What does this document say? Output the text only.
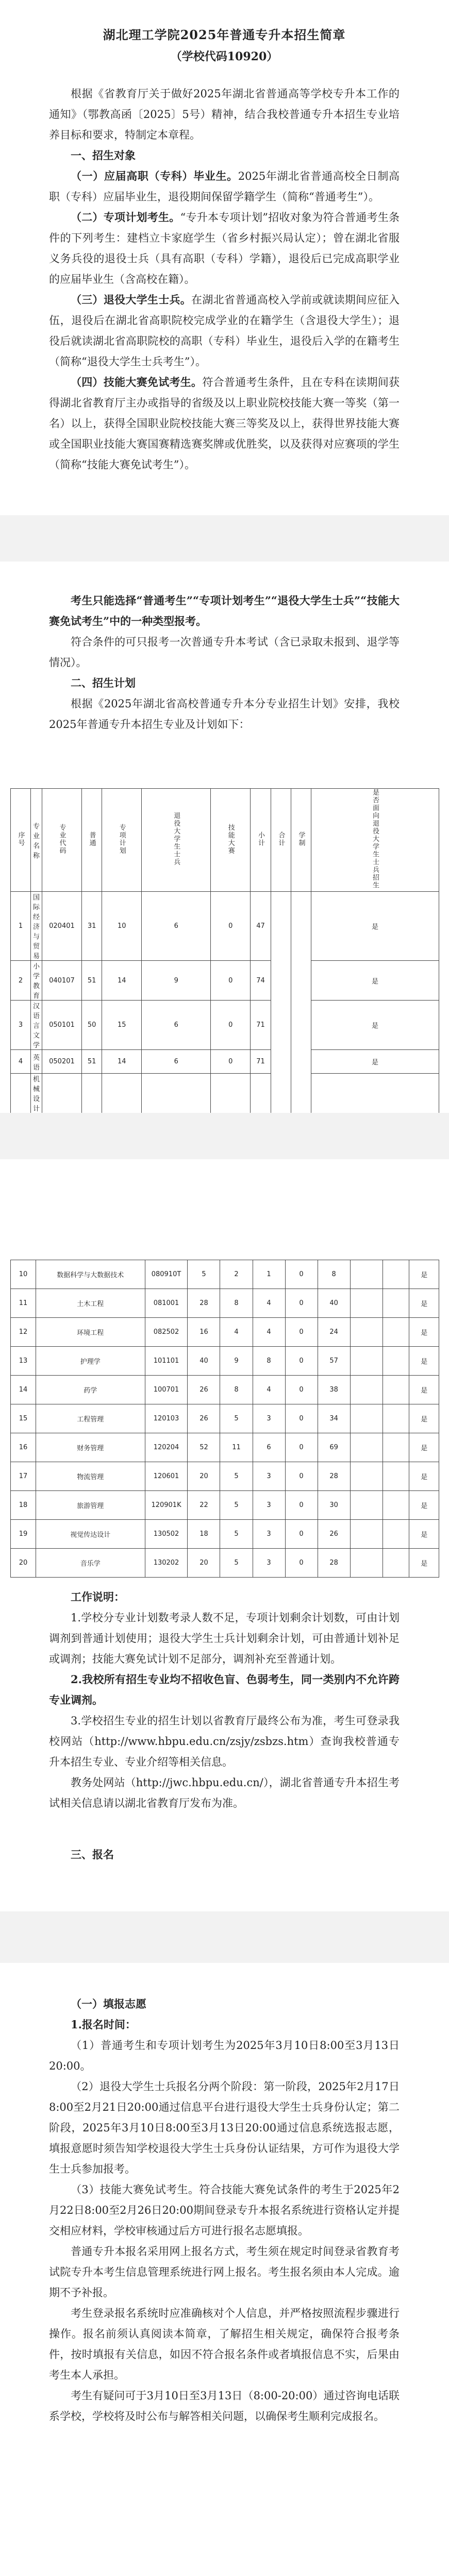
湖北理工学院2025年普通专升本招生简章
（学校代码10920）

根据《省教育厅关于做好2025年湖北省普通高等学校专升本工作的通知》（鄂教高函〔2025〕5号）精神，结合我校普通专升本招生专业培养目标和要求，特制定本章程。

一、招生对象

（一）应届高职（专科）毕业生。2025年湖北省普通高校全日制高职（专科）应届毕业生，退役期间保留学籍学生（简称“普通考生”）。

（二）专项计划考生。“专升本专项计划”招收对象为符合普通考生条件的下列考生：建档立卡家庭学生（省乡村振兴局认定）；曾在湖北省服义务兵役的退役士兵（具有高职（专科）学籍），退役后已完成高职学业的应届毕业生（含高校在籍）。

（三）退役大学生士兵。在湖北省普通高校入学前或就读期间应征入伍，退役后在湖北省高职院校完成学业的在籍学生（含退役大学生）；退役后就读湖北省高职院校的高职（专科）毕业生，退役后入学的在籍考生（简称“退役大学生士兵考生”）。

（四）技能大赛免试考生。符合普通考生条件，且在专科在读期间获得湖北省教育厅主办或指导的省级及以上职业院校技能大赛一等奖（第一名）以上，获得全国职业院校技能大赛三等奖及以上，获得世界技能大赛或全国职业技能大赛国赛精选赛奖牌或优胜奖，以及获得对应赛项的学生（简称“技能大赛免试考生”）。

考生只能选择“普通考生”“专项计划考生”“退役大学生士兵”“技能大赛免试考生”中的一种类型报考。

符合条件的可只报考一次普通专升本考试（含已录取未报到、退学等情况）。

二、招生计划

根据《2025年湖北省高校普通专升本分专业招生计划》安排，我校2025年普通专升本招生专业及计划如下：

序号	专业名称	专业代码	普通	专项计划	退役大学生士兵	技能大赛	小计	合计	学制	是否面向退役大学生士兵招生
1	国际经济与贸易	020401	31	10	6	0	47			是
2	小学教育	040107	51	14	9	0	74			是
3	汉语言文学	050101	50	15	6	0	71			是
4	英语	050201	51	14	6	0	71			是
	机械设计							

10	数据科学与大数据技术	080910T	5	2	1	0	8			是
11	土木工程	081001	28	8	4	0	40			是
12	环境工程	082502	16	4	4	0	24			是
13	护理学	101101	40	9	8	0	57			是
14	药学	100701	26	8	4	0	38			是
15	工程管理	120103	26	5	3	0	34			是
16	财务管理	120204	52	11	6	0	69			是
17	物流管理	120601	20	5	3	0	28			是
18	旅游管理	120901K	22	5	3	0	30			是
19	视觉传达设计	130502	18	5	3	0	26			是
20	音乐学	130202	20	5	3	0	28			是

工作说明：

1.学校分专业计划数考录人数不足，专项计划剩余计划数，可由计划调剂到普通计划使用；退役大学生士兵计划剩余计划，可由普通计划补足或调剂；技能大赛免试计划不足部分，调剂补充至普通计划。

2.我校所有招生专业均不招收色盲、色弱考生，同一类别内不允许跨专业调剂。

3.学校招生专业的招生计划以省教育厅最终公布为准，考生可登录我校网站（http://www.hbpu.edu.cn/zsjy/zsbzs.htm）查询我校普通专升本招生专业、专业介绍等相关信息。

教务处网站（http://jwc.hbpu.edu.cn/），湖北省普通专升本招生考试相关信息请以湖北省教育厅发布为准。

三、报名

（一）填报志愿

1.报名时间：

（1）普通考生和专项计划考生为2025年3月10日8:00至3月13日20:00。

（2）退役大学生士兵报名分两个阶段：第一阶段，2025年2月17日8:00至2月21日20:00通过信息平台进行退役大学生士兵身份认定；第二阶段，2025年3月10日8:00至3月13日20:00通过信息系统选报志愿，填报意愿时须告知学校退役大学生士兵身份认证结果，方可作为退役大学生士兵参加报考。

（3）技能大赛免试考生。符合技能大赛免试条件的考生于2025年2月22日8:00至2月26日20:00期间登录专升本报名系统进行资格认定并提交相应材料，学校审核通过后方可进行报名志愿填报。

普通专升本报名采用网上报名方式，考生须在规定时间登录省教育考试院专升本考生信息管理系统进行网上报名。考生报名须由本人完成。逾期不予补报。

考生登录报名系统时应准确核对个人信息，并严格按照流程步骤进行操作。报名前须认真阅读本简章，了解招生相关规定，确保符合报考条件，按时填报有关信息，如因不符合报名条件或者填报信息不实，后果由考生本人承担。

考生有疑问可于3月10日至3月13日（8:00-20:00）通过咨询电话联系学校，学校将及时公布与解答相关问题，以确保考生顺利完成报名。
